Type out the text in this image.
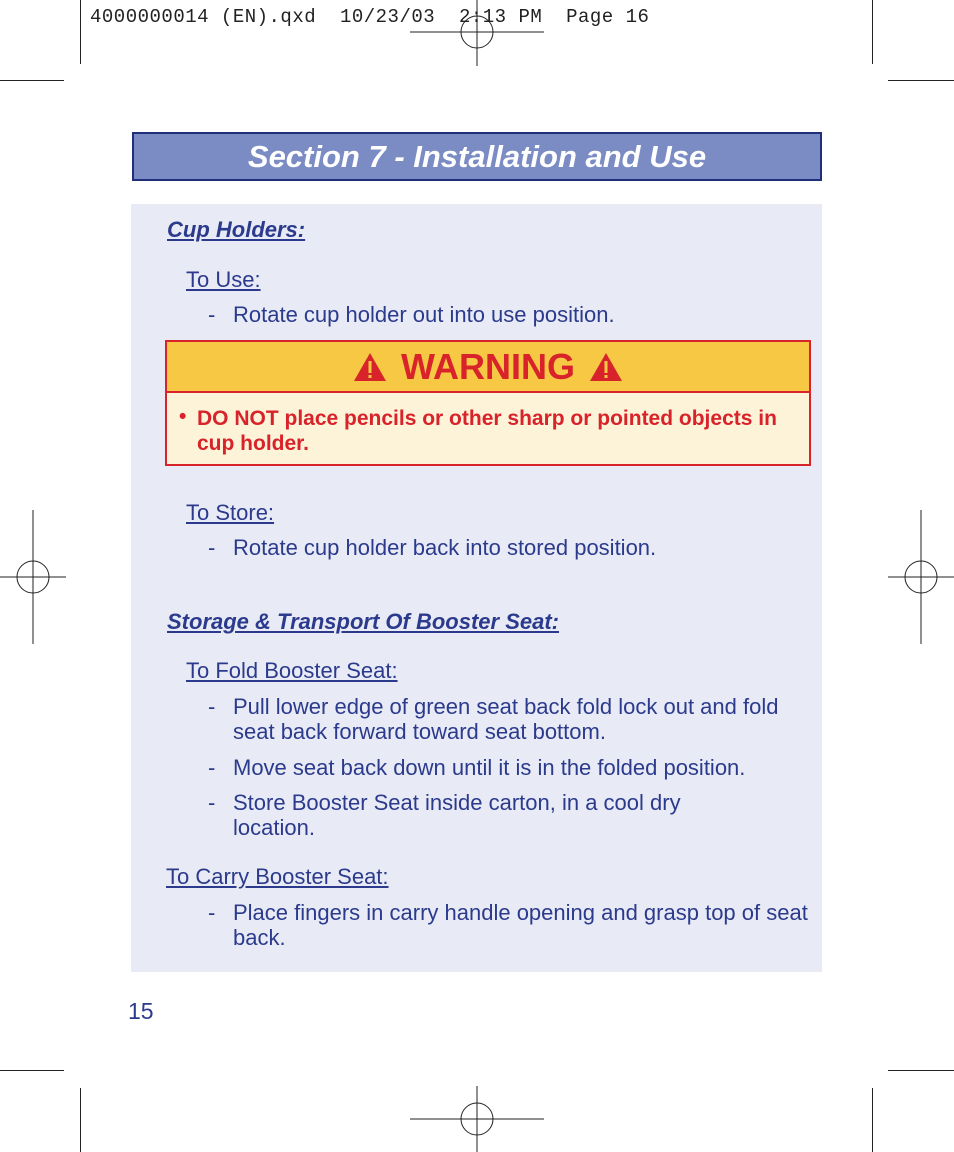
4000000014 (EN).qxd  10/23/03  2:13 PM  Page 16
Section 7 - Installation and Use
Cup Holders:
To Use:
- Rotate cup holder out into use position.
WARNING
• DO NOT place pencils or other sharp or pointed objects in cup holder.
To Store:
- Rotate cup holder back into stored position.
Storage & Transport Of Booster Seat:
To Fold Booster Seat:
- Pull lower edge of green seat back fold lock out and fold seat back forward toward seat bottom.
- Move seat back down until it is in the folded position.
- Store Booster Seat inside carton, in a cool dry location.
To Carry Booster Seat:
- Place fingers in carry handle opening and grasp top of seat back.
15
